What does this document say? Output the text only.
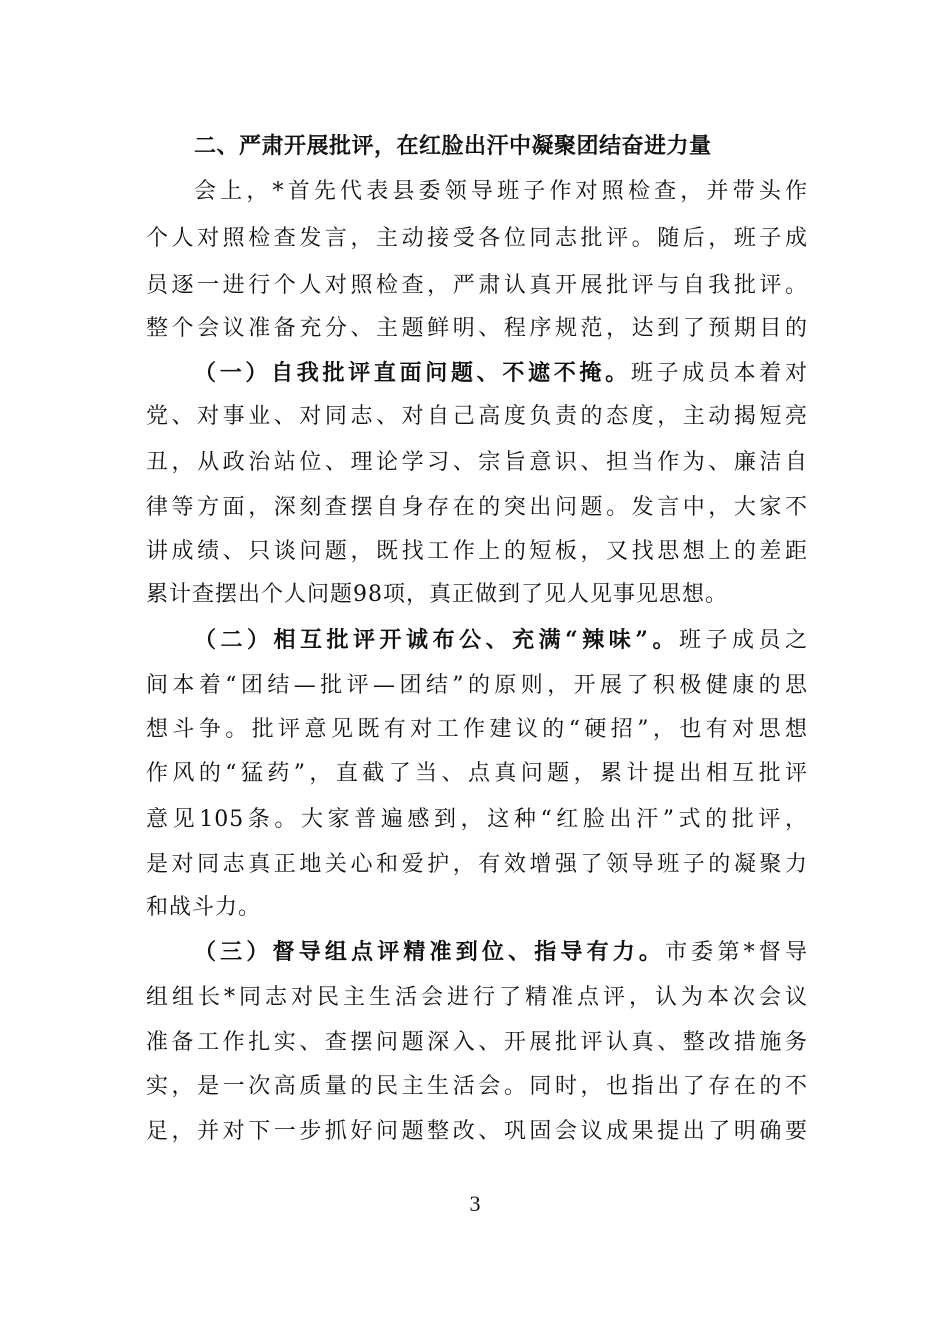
二、严肃开展批评，在红脸出汗中凝聚团结奋进力量
会上，*首先代表县委领导班子作对照检查，并带头作
个人对照检查发言，主动接受各位同志批评。随后，班子成
员逐一进行个人对照检查，严肃认真开展批评与自我批评。
整个会议准备充分、主题鲜明、程序规范，达到了预期目的
（一）自我批评直面问题、不遮不掩。班子成员本着对
党、对事业、对同志、对自己高度负责的态度，主动揭短亮
丑，从政治站位、理论学习、宗旨意识、担当作为、廉洁自
律等方面，深刻查摆自身存在的突出问题。发言中，大家不
讲成绩、只谈问题，既找工作上的短板，又找思想上的差距
累计查摆出个人问题98项，真正做到了见人见事见思想。
（二）相互批评开诚布公、充满“辣味”。班子成员之
间本着“团结—批评—团结”的原则，开展了积极健康的思
想斗争。批评意见既有对工作建议的“硬招”，也有对思想
作风的“猛药”，直截了当、点真问题，累计提出相互批评
意见105条。大家普遍感到，这种“红脸出汗”式的批评，
是对同志真正地关心和爱护，有效增强了领导班子的凝聚力
和战斗力。
（三）督导组点评精准到位、指导有力。市委第*督导
组组长*同志对民主生活会进行了精准点评，认为本次会议
准备工作扎实、查摆问题深入、开展批评认真、整改措施务
实，是一次高质量的民主生活会。同时，也指出了存在的不
足，并对下一步抓好问题整改、巩固会议成果提出了明确要
3
